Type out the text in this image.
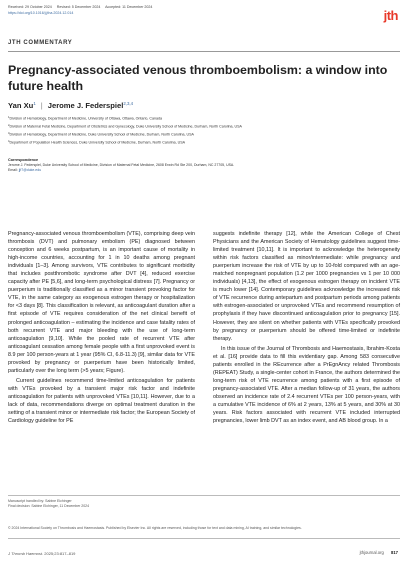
Received: 29 October 2024 Revised: 5 December 2024 Accepted: 11 December 2024
https://doi.org/10.1016/j.jtha.2024.12.014	jth
JTH COMMENTARY
Pregnancy-associated venous thromboembolism: a window into future health
Yan Xu$^1$ | Jerome J. Federspiel$^{2,3,4}$
$^1$Division of Hematology, Department of Medicine, University of Ottawa, Ottawa, Ontario, Canada
$^2$Division of Maternal Fetal Medicine, Department of Obstetrics and Gynecology, Duke University School of Medicine, Durham, North Carolina, USA
$^3$Division of Hematology, Department of Medicine, Duke University School of Medicine, Durham, North Carolina, USA
$^4$Department of Population Health Sciences, Duke University School of Medicine, Durham, North Carolina, USA
Correspondence
Jerome J. Federspiel, Duke University School of Medicine, Division of Maternal Fetal Medicine, 2608 Erwin Rd Ste 200, Durham, NC 27705, USA.
Email: jjf7@duke.edu

Pregnancy-associated venous thromboembolism (VTE), comprising deep vein thrombosis (DVT) and pulmonary embolism (PE) diagnosed between conception and 6 weeks postpartum, is an important cause of mortality in high-income countries, accounting for 1 in 10 deaths among pregnant individuals [1–3]. Among survivors, VTE contributes to significant morbidity that includes postthrombotic syndrome after DVT [4], reduced exercise capacity after PE [5,6], and long-term psychological distress [7]. Pregnancy or puerperium is traditionally classified as a minor transient provoking factor for VTE, in the same category as exogenous estrogen therapy or hospitalization for <3 days [8]. This classification is relevant, as anticoagulant duration after a first episode of VTE requires consideration of the net clinical benefit of prolonged anticoagulation – estimating the incidence and case fatality rates of both recurrent VTE and major bleeding with the use of long-term anticoagulation [9,10]. While the pooled rate of recurrent VTE after anticoagulant cessation among female people with a first unprovoked event is 8.9 per 100 person-years at 1 year (95% CI, 6.8-11.3) [9], similar data for VTE provoked by pregnancy or puerperium have been historically limited, particularly over the long term (>5 years; Figure).

Current guidelines recommend time-limited anticoagulation for patients with VTEs provoked by a transient major risk factor and indefinite anticoagulation for patients with unprovoked VTEs [10,11]. However, due to a lack of data, recommendations diverge on optimal treatment duration in the setting of a transient minor or intermediate risk factor; the European Society of Cardiology guideline for PE

suggests indefinite therapy [12], while the American College of Chest Physicians and the American Society of Hematology guidelines suggest time-limited treatment [10,11]. It is important to acknowledge the heterogeneity within risk factors classified as minor/intermediate: while pregnancy and puerperium increase the risk of VTE by up to 10-fold compared with an age-matched nonpregnant population (1.2 per 1000 pregnancies vs 1 per 10 000 individuals) [4,13], the effect of exogenous estrogen therapy on incident VTE is much lower [14]. Contemporary guidelines acknowledge the increased risk of VTE recurrence during antepartum and postpartum periods among patients with estrogen-associated or unprovoked VTEs and recommend resumption of prophylaxis if they have discontinued anticoagulation prior to pregnancy [15]. However, they are silent on whether patients with VTEs specifically provoked by pregnancy or puerperium should be offered time-limited or indefinite therapy.

In this issue of the Journal of Thrombosis and Haemostasis, Ibrahim-Kosta et al. [16] provide data to fill this evidentiary gap. Among 583 consecutive patients enrolled in the REcurrence after a PrEgnAncy related Thrombosis (REPEAT) Study, a single-center cohort in France, the authors determined the long-term risk of VTE recurrence among patients with a first episode of pregnancy-associated VTE. After a median follow-up of 31 years, the authors observed an incidence rate of 2.4 recurrent VTEs per 100 person-years, with a cumulative VTE incidence of 6% at 2 years, 13% at 5 years, and 30% at 30 years. Risk factors associated with recurrent VTE included interrupted pregnancies, lower limb DVT as an index event, and AB blood group. In a

Manuscript handled by: Sabine Eichinger
Final decision: Sabine Eichinger, 11 December 2024
© 2024 International Society on Thrombosis and Haemostasis. Published by Elsevier Inc. All rights are reserved, including those for text and data mining, AI training, and similar technologies.
J Thromb Haemost. 2025;23:817–819	jthjournal.org 817
